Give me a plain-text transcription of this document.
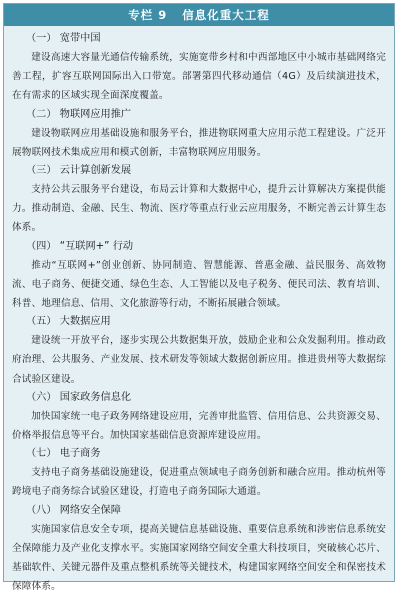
专栏 9   信息化重大工程
（一） 宽带中国

建设高速大容量光通信传输系统，实施宽带乡村和中西部地区中小城市基础网络完善工程，扩容互联网国际出入口带宽。部署第四代移动通信（4G）及后续演进技术，在有需求的区域实现全面深度覆盖。

（二） 物联网应用推广

建设物联网应用基础设施和服务平台，推进物联网重大应用示范工程建设。广泛开展物联网技术集成应用和模式创新，丰富物联网应用服务。

（三） 云计算创新发展

支持公共云服务平台建设，布局云计算和大数据中心，提升云计算解决方案提供能力。推动制造、金融、民生、物流、医疗等重点行业云应用服务，不断完善云计算生态体系。

（四） “互联网+” 行动

推动“互联网+”创业创新、协同制造、智慧能源、普惠金融、益民服务、高效物流、电子商务、便捷交通、绿色生态、人工智能以及电子税务、便民司法、教育培训、科普、地理信息、信用、文化旅游等行动，不断拓展融合领域。

（五） 大数据应用

建设统一开放平台，逐步实现公共数据集开放，鼓励企业和公众发掘利用。推动政府治理、公共服务、产业发展、技术研发等领域大数据创新应用。推进贵州等大数据综合试验区建设。

（六） 国家政务信息化

加快国家统一电子政务网络建设应用，完善审批监管、信用信息、公共资源交易、价格举报信息等平台。加快国家基础信息资源库建设应用。

（七） 电子商务

支持电子商务基础设施建设，促进重点领域电子商务创新和融合应用。推动杭州等跨境电子商务综合试验区建设，打造电子商务国际大通道。

（八） 网络安全保障

实施国家信息安全专项，提高关键信息基础设施、重要信息系统和涉密信息系统安全保障能力及产业化支撑水平。实施国家网络空间安全重大科技项目，突破核心芯片、基础软件、关键元器件及重点整机系统等关键技术，构建国家网络空间安全和保密技术保障体系。
